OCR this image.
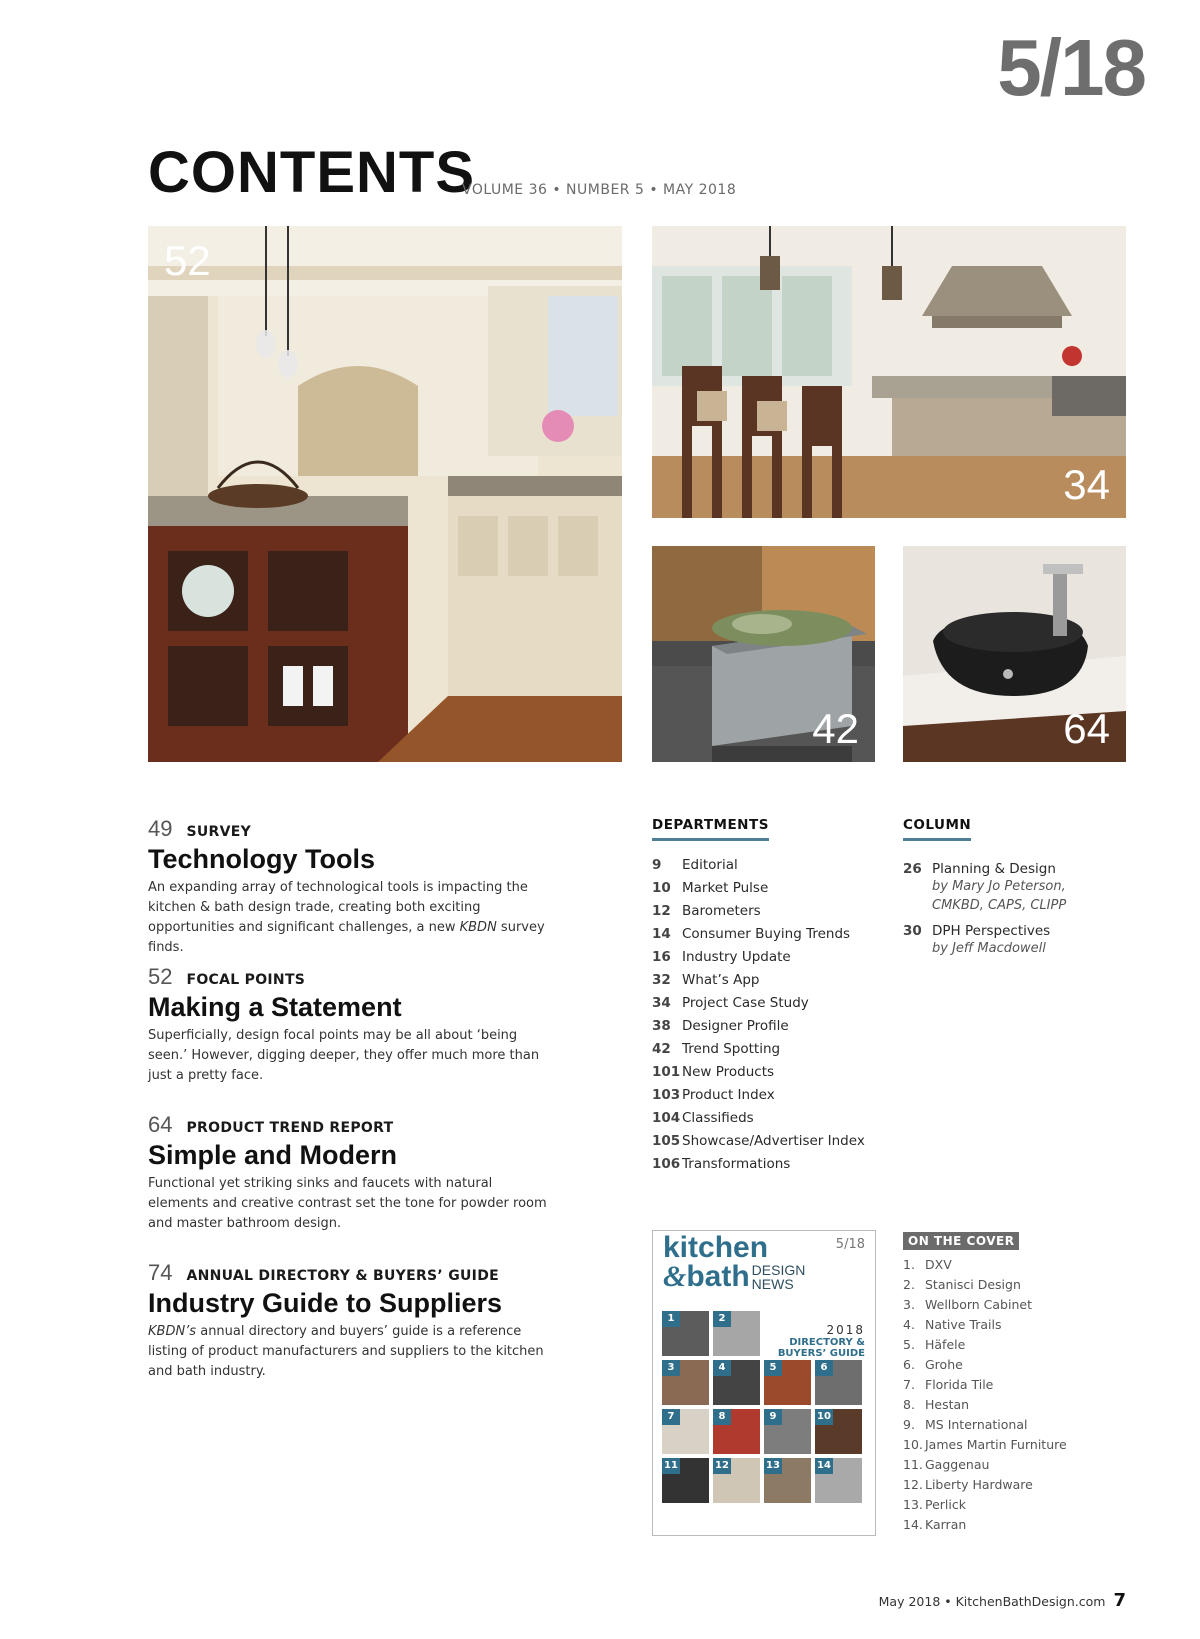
5/18
CONTENTS
VOLUME 36 • NUMBER 5 • MAY 2018
52
34
42	64
49 SURVEY
Technology Tools
An expanding array of technological tools is impacting the kitchen & bath design trade, creating both exciting opportunities and significant challenges, a new KBDN survey finds.
52 FOCAL POINTS
Making a Statement
Superficially, design focal points may be all about ‘being seen.’ However, digging deeper, they offer much more than just a pretty face.
64 PRODUCT TREND REPORT
Simple and Modern
Functional yet striking sinks and faucets with natural elements and creative contrast set the tone for powder room and master bathroom design.
74 ANNUAL DIRECTORY & BUYERS’ GUIDE
Industry Guide to Suppliers
KBDN’s annual directory and buyers’ guide is a reference listing of product manufacturers and suppliers to the kitchen and bath industry.
DEPARTMENTS
9	Editorial
10 Market Pulse
12 Barometers
14 Consumer Buying Trends
16 Industry Update
32 What’s App
34 Project Case Study
38 Designer Profile
42 Trend Spotting
101 New Products
103 Product Index
104 Classifieds
105 Showcase/Advertiser Index
106 Transformations
COLUMN
26 Planning & Design
by Mary Jo Peterson,
CMKBD, CAPS, CLIPP
30 DPH Perspectives
by Jeff Macdowell
5/18
kitchen
& bath DESIGN
NEWS
2018
DIRECTORY &
BUYERS’ GUIDE
1	2
3	4	5	6
7	8	9	10
11	12	13	14
ON THE COVER
1. DXV
2. Stanisci Design
3. Wellborn Cabinet
4. Native Trails
5. Häfele
6. Grohe
7. Florida Tile
8. Hestan
9. MS International
10. James Martin Furniture
11. Gaggenau
12. Liberty Hardware
13. Perlick
14. Karran
May 2018 • KitchenBathDesign.com 7
